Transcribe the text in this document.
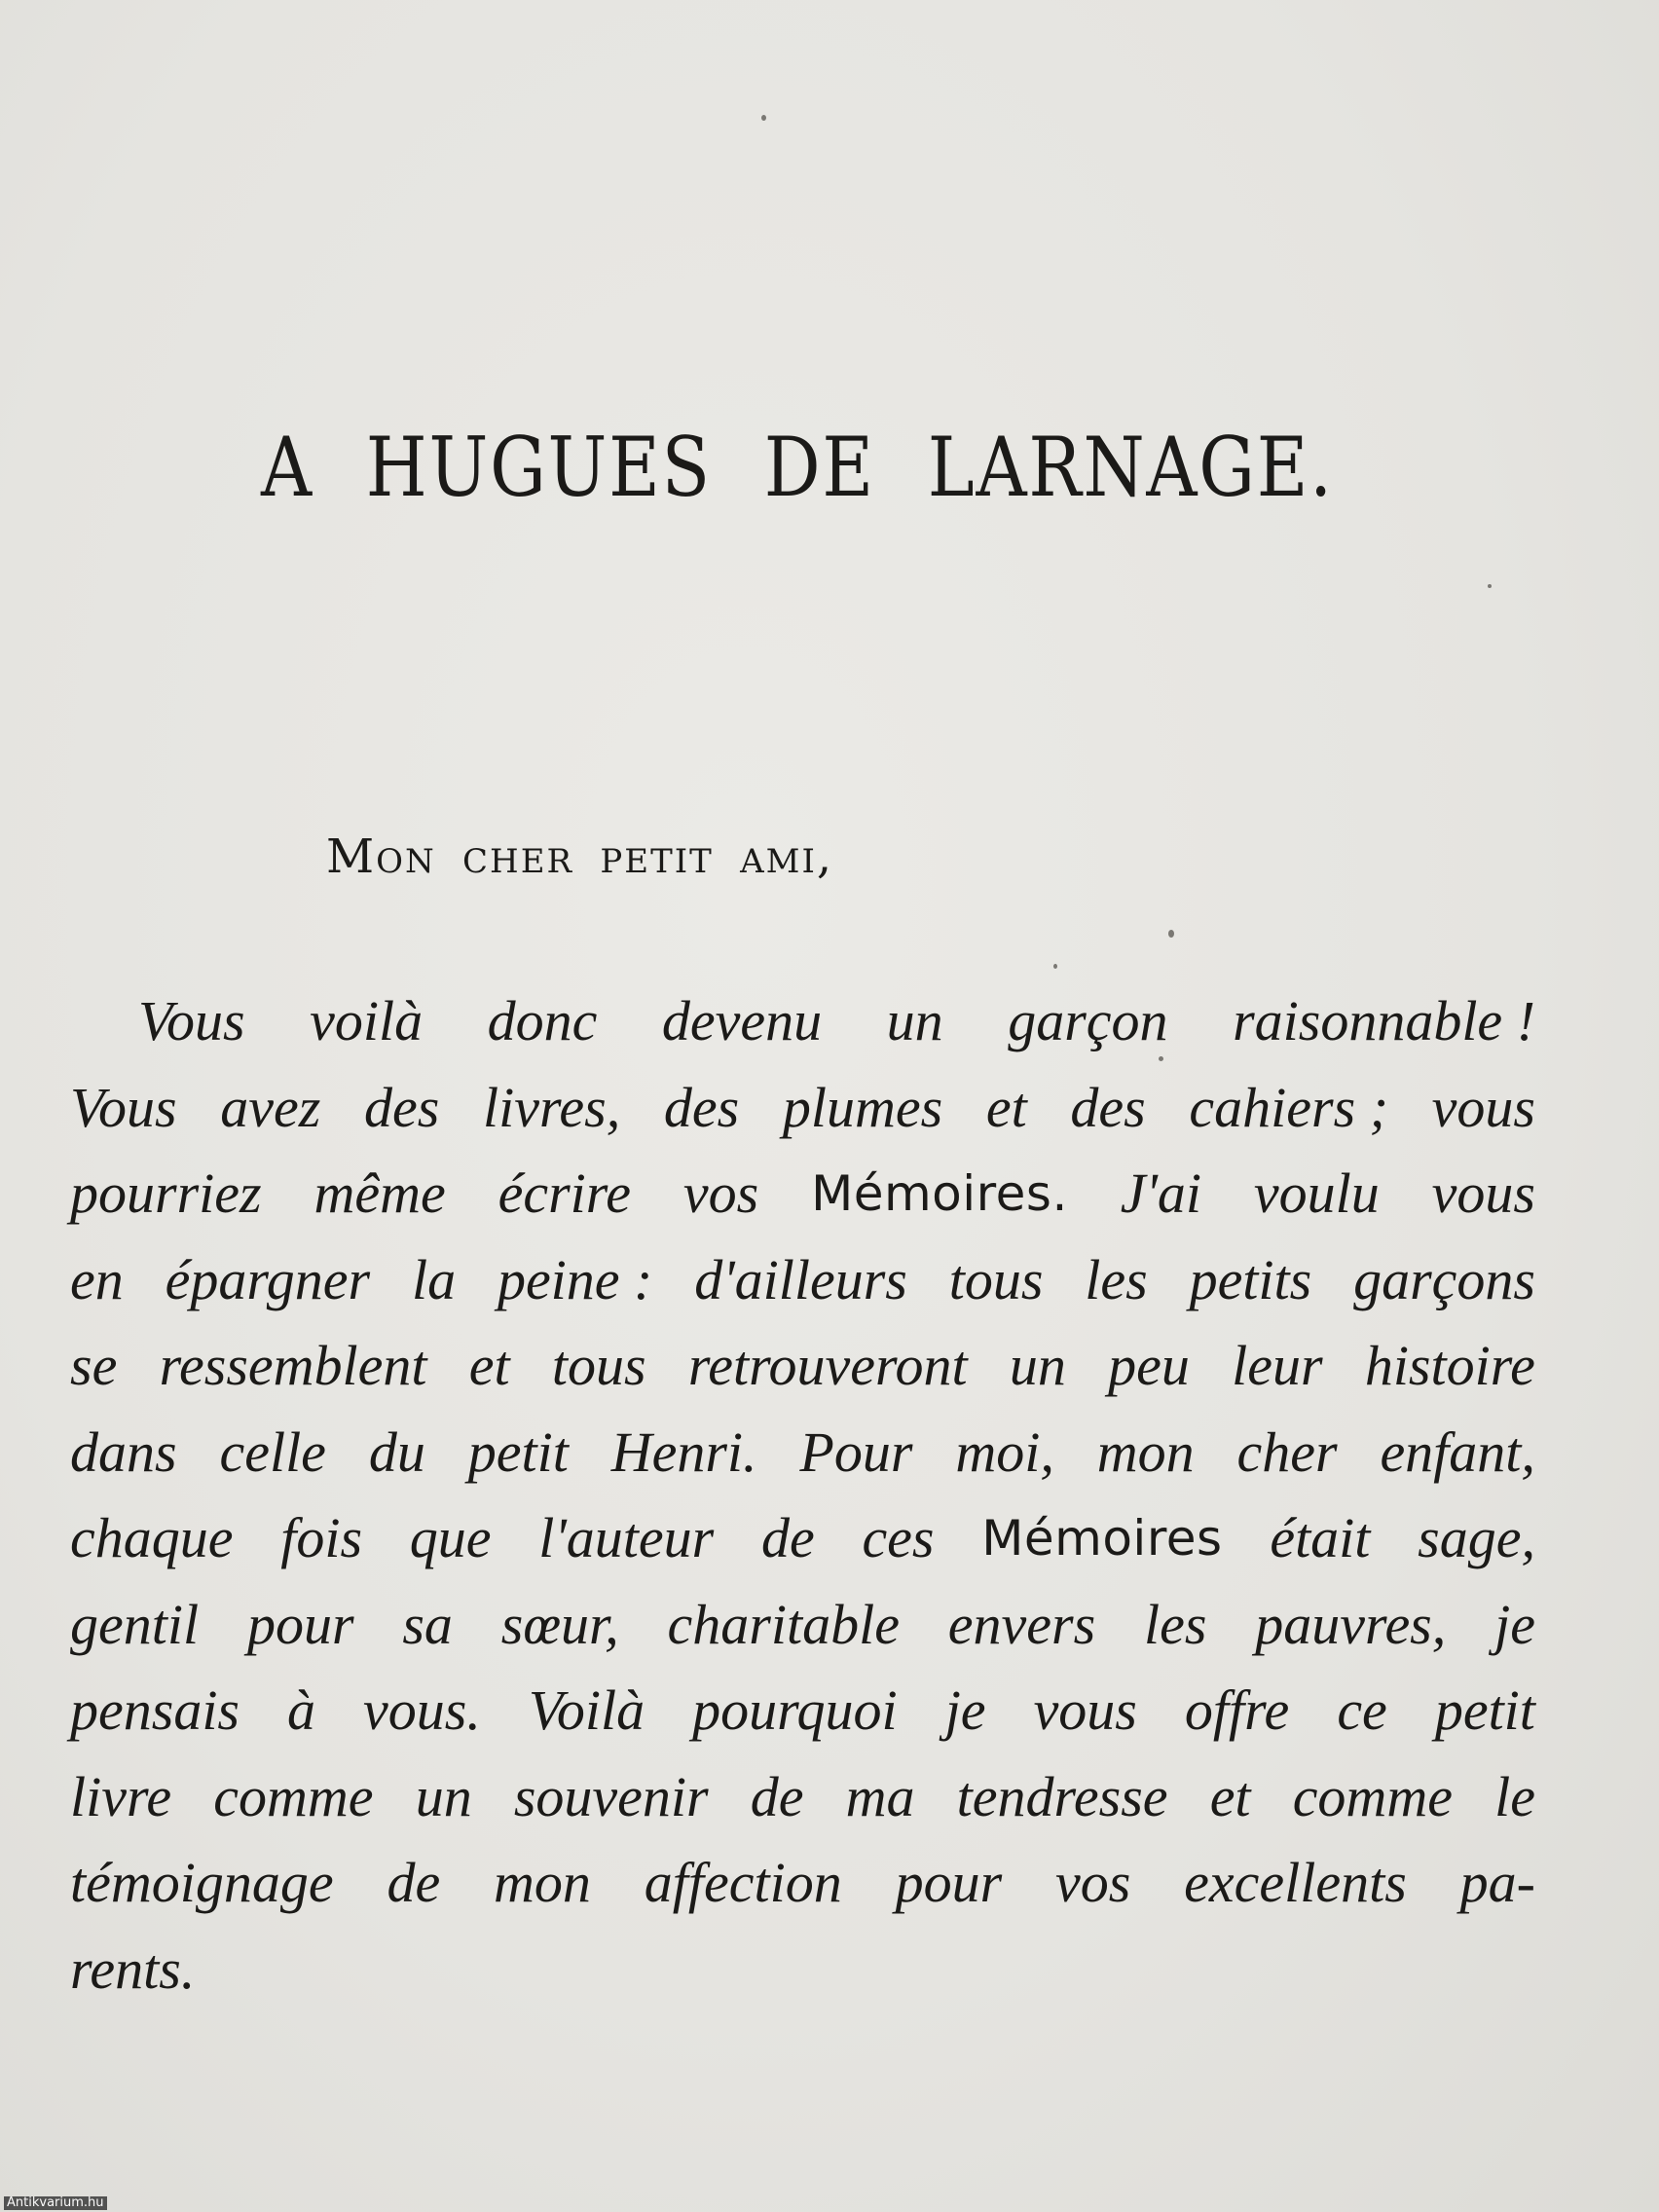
A HUGUES DE LARNAGE.

Mon cher petit ami,

Vous voilà donc devenu un garçon raisonnable !
Vous avez des livres, des plumes et des cahiers ; vous
pourriez même écrire vos Mémoires. J'ai voulu vous
en épargner la peine : d'ailleurs tous les petits garçons
se ressemblent et tous retrouveront un peu leur histoire
dans celle du petit Henri. Pour moi, mon cher enfant,
chaque fois que l'auteur de ces Mémoires était sage,
gentil pour sa sœur, charitable envers les pauvres, je
pensais à vous. Voilà pourquoi je vous offre ce petit
livre comme un souvenir de ma tendresse et comme le
témoignage de mon affection pour vos excellents pa-
rents.

Antikvarium.hu
